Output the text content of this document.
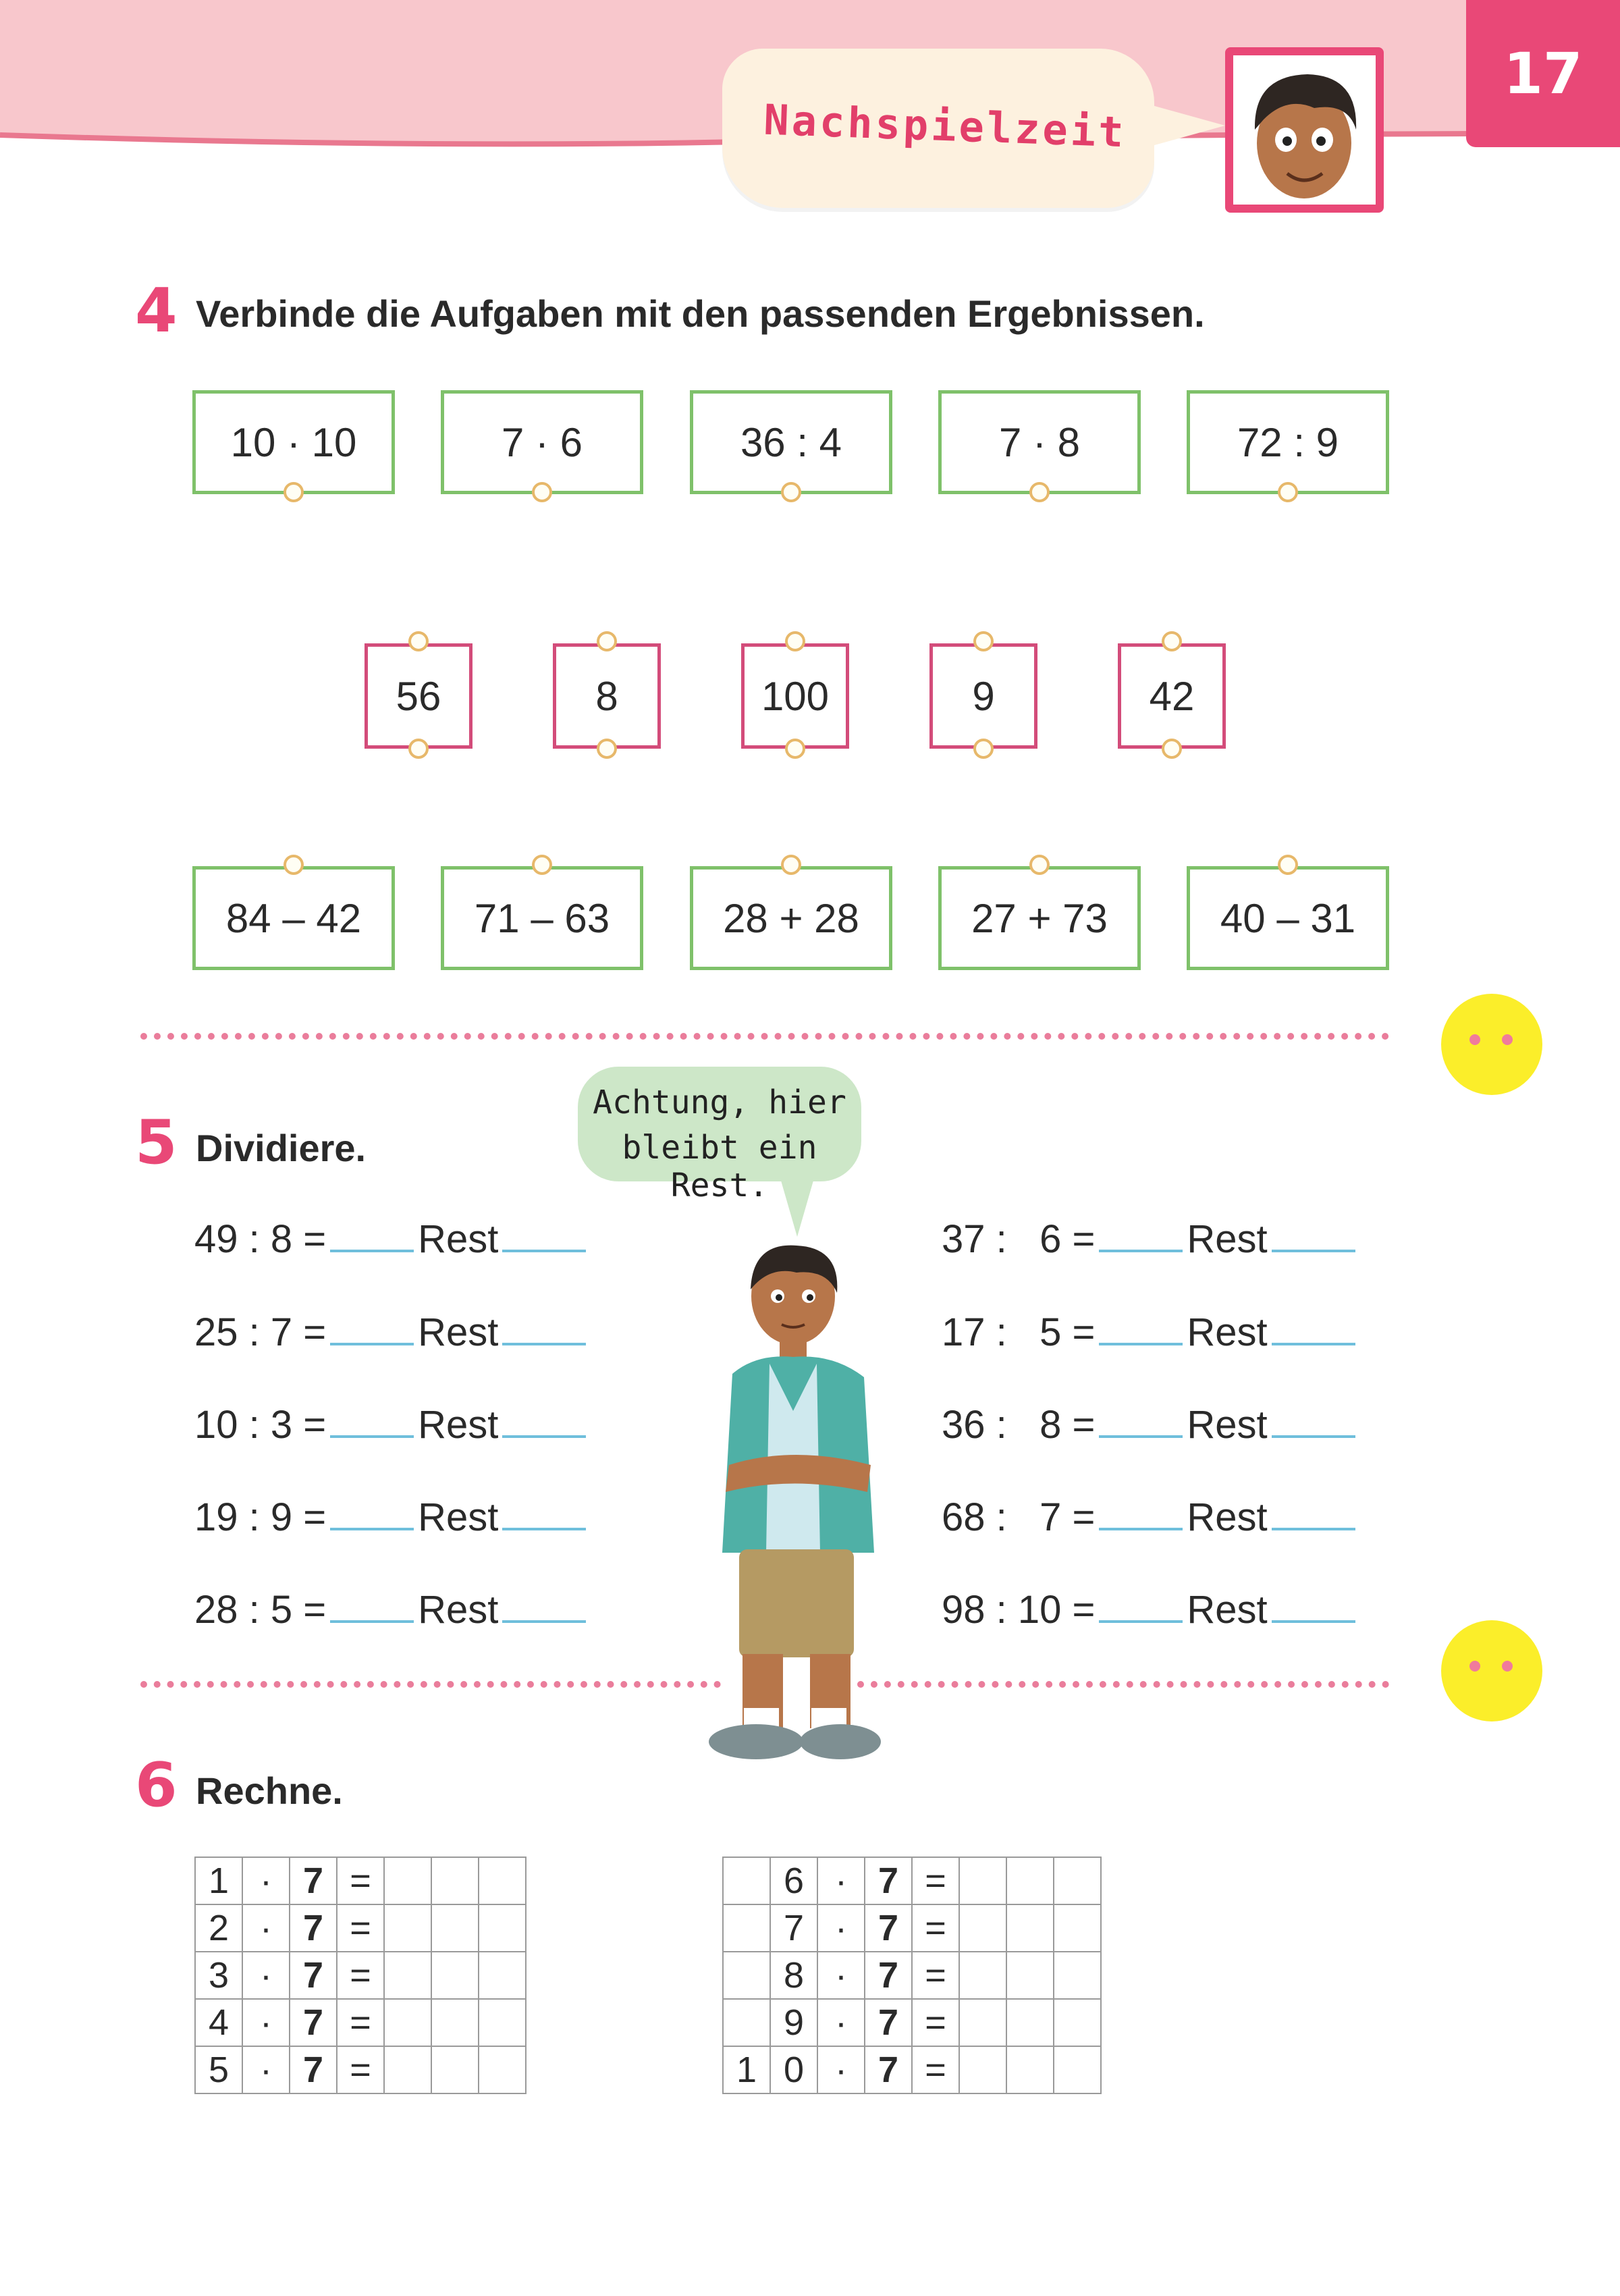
17
Nachspielzeit
4 Verbinde die Aufgaben mit den passenden Ergebnissen.
10 · 10	7 · 6	36 : 4	7 · 8	72 : 9
56	8	100	9	42
84 – 42	71 – 63	28 + 28	27 + 73	40 – 31
5 Dividiere.
Achtung, hier
bleibt ein Rest.
49 : 8 = Rest
25 : 7 = Rest
10 : 3 = Rest
19 : 9 = Rest
28 : 5 = Rest
37 :   6 = Rest
17 :   5 = Rest
36 :   8 = Rest
68 :   7 = Rest
98 : 10 = Rest
6 Rechne.
1	·	7	=			
2	·	7	=			
3	·	7	=			
4	·	7	=			
5	·	7	=			
	6	·	7	=			
	7	·	7	=			
	8	·	7	=			
	9	·	7	=			
1	0	·	7	=			
